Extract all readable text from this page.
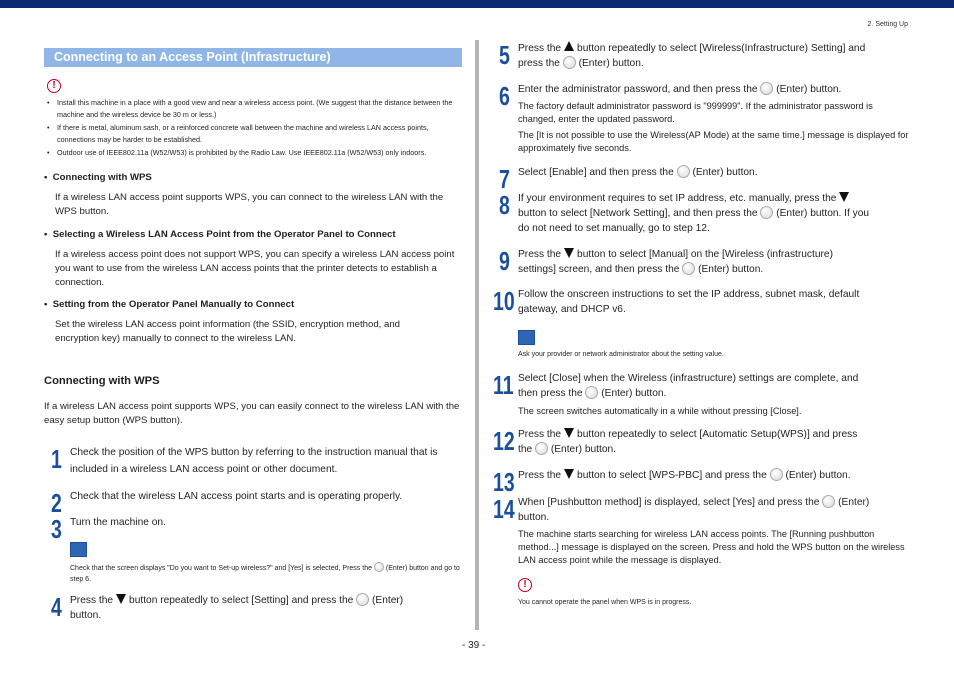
2. Setting Up
Connecting to an Access Point (Infrastructure)
!
• Install this machine in a place with a good view and near a wireless access point. (We suggest that the distance between the machine and the wireless device be 30 m or less.)
• If there is metal, aluminum sash, or a reinforced concrete wall between the machine and wireless LAN access points, connections may be harder to be established.
• Outdoor use of IEEE802.11a (W52/W53) is prohibited by the Radio Law. Use IEEE802.11a (W52/W53) only indoors.
•  Connecting with WPS
If a wireless LAN access point supports WPS, you can connect to the wireless LAN with the WPS button.
•  Selecting a Wireless LAN Access Point from the Operator Panel to Connect
If a wireless access point does not support WPS, you can specify a wireless LAN access point you want to use from the wireless LAN access points that the printer detects to establish a connection.
•  Setting from the Operator Panel Manually to Connect
Set the wireless LAN access point information (the SSID, encryption method, and encryption key) manually to connect to the wireless LAN.
Connecting with WPS
If a wireless LAN access point supports WPS, you can easily connect to the wireless LAN with the easy setup button (WPS button).
1 Check the position of the WPS button by referring to the instruction manual that is included in a wireless LAN access point or other document.
2 Check that the wireless LAN access point starts and is operating properly.
3 Turn the machine on.
Check that the screen displays "Do you want to Set-up wireless?" and [Yes] is selected, Press the (Enter) button and go to step 6.
4 Press the button repeatedly to select [Setting] and press the (Enter)
button.
5 Press the button repeatedly to select [Wireless(Infrastructure) Setting] and
press the (Enter) button.
6 Enter the administrator password, and then press the (Enter) button.
The factory default administrator password is "999999". If the administrator password is changed, enter the updated password.
The [It is not possible to use the Wireless(AP Mode) at the same time.] message is displayed for approximately five seconds.
7 Select [Enable] and then press the (Enter) button.
8 If your environment requires to set IP address, etc. manually, press the
button to select [Network Setting], and then press the (Enter) button. If you
do not need to set manually, go to step 12.
9 Press the button to select [Manual] on the [Wireless (infrastructure)
settings] screen, and then press the (Enter) button.
10 Follow the onscreen instructions to set the IP address, subnet mask, default
gateway, and DHCP v6.
Ask your provider or network administrator about the setting value.
11 Select [Close] when the Wireless (infrastructure) settings are complete, and
then press the (Enter) button.
The screen switches automatically in a while without pressing [Close].
12 Press the button repeatedly to select [Automatic Setup(WPS)] and press
the (Enter) button.
13 Press the button to select [WPS-PBC] and press the (Enter) button.
14 When [Pushbutton method] is displayed, select [Yes] and press the (Enter)
button.
The machine starts searching for wireless LAN access points. The [Running pushbutton method...] message is displayed on the screen. Press and hold the WPS button on the wireless LAN access point while the message is displayed.
!
You cannot operate the panel when WPS is in progress.
- 39 -
